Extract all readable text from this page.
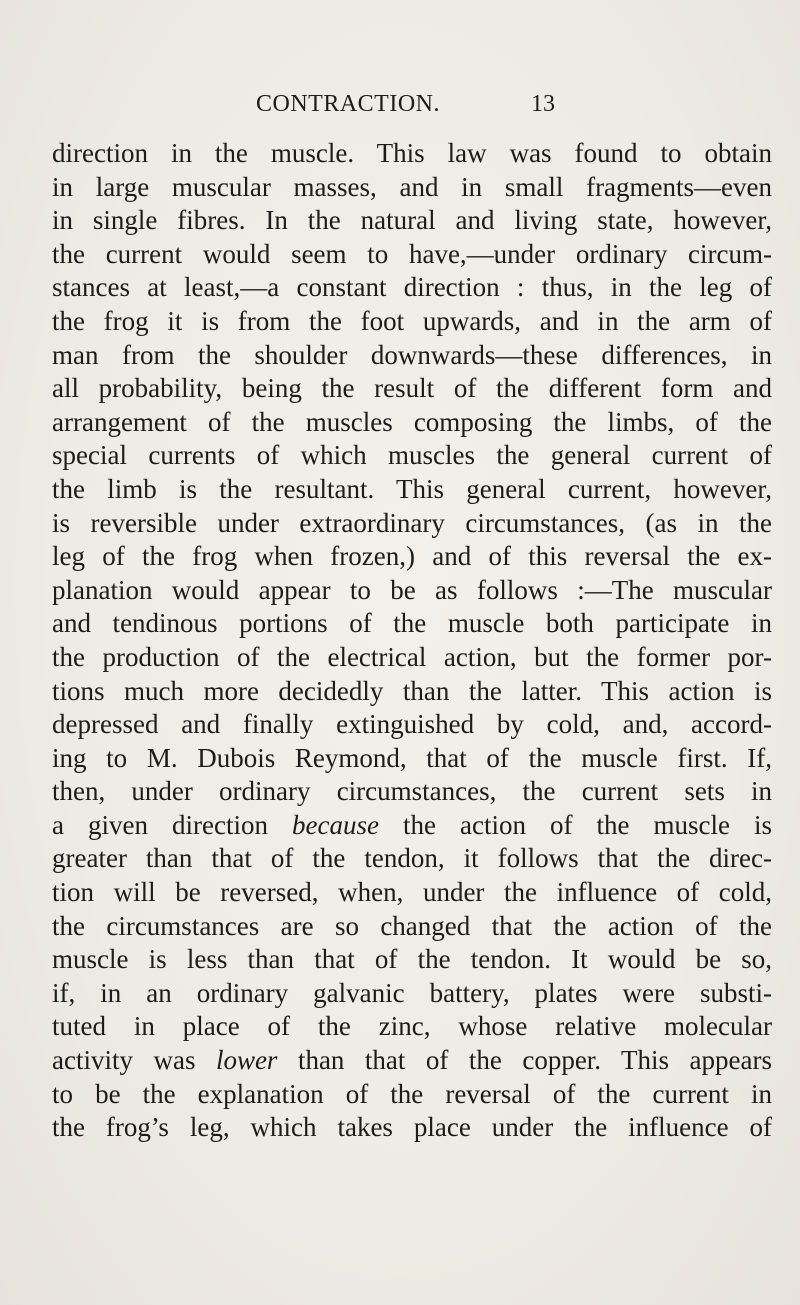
CONTRACTION.	13
direction in the muscle. This law was found to obtain
in large muscular masses, and in small fragments—even
in single fibres. In the natural and living state, however,
the current would seem to have,—under ordinary circum-
stances at least,—a constant direction : thus, in the leg of
the frog it is from the foot upwards, and in the arm of
man from the shoulder downwards—these differences, in
all probability, being the result of the different form and
arrangement of the muscles composing the limbs, of the
special currents of which muscles the general current of
the limb is the resultant. This general current, however,
is reversible under extraordinary circumstances, (as in the
leg of the frog when frozen,) and of this reversal the ex-
planation would appear to be as follows :—The muscular
and tendinous portions of the muscle both participate in
the production of the electrical action, but the former por-
tions much more decidedly than the latter. This action is
depressed and finally extinguished by cold, and, accord-
ing to M. Dubois Reymond, that of the muscle first. If,
then, under ordinary circumstances, the current sets in
a given direction because the action of the muscle is
greater than that of the tendon, it follows that the direc-
tion will be reversed, when, under the influence of cold,
the circumstances are so changed that the action of the
muscle is less than that of the tendon. It would be so,
if, in an ordinary galvanic battery, plates were substi-
tuted in place of the zinc, whose relative molecular
activity was lower than that of the copper. This appears
to be the explanation of the reversal of the current in
the frog’s leg, which takes place under the influence of
